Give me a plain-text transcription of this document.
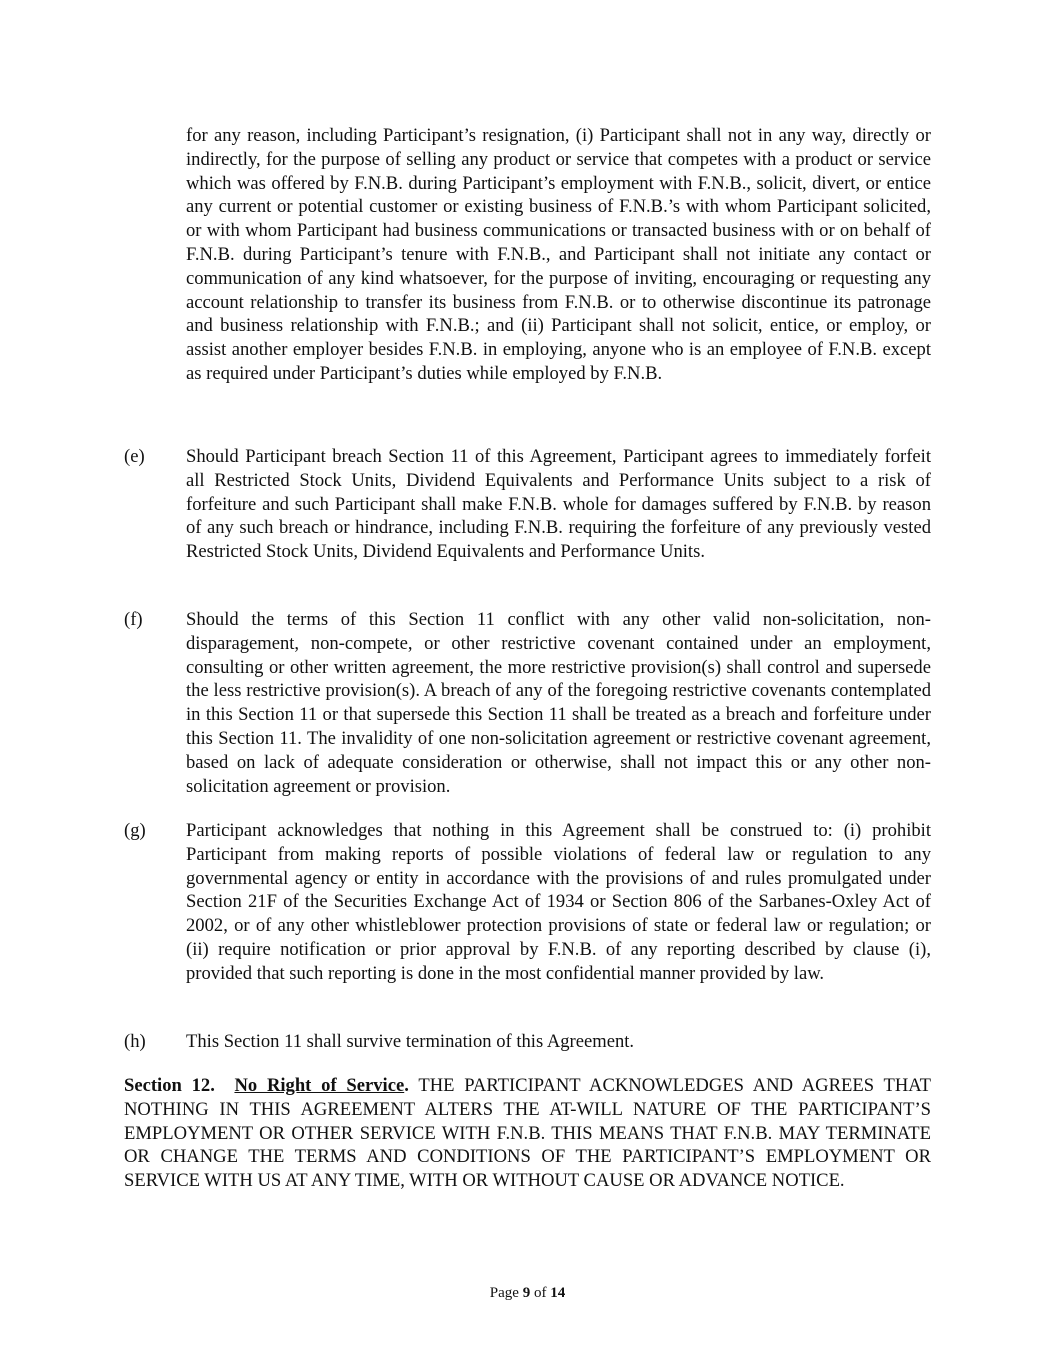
for any reason, including Participant’s resignation, (i) Participant shall not in any way, directly or indirectly, for the purpose of selling any product or service that competes with a product or service which was offered by F.N.B. during Participant’s employment with F.N.B., solicit, divert, or entice any current or potential customer or existing business of F.N.B.’s with whom Participant solicited, or with whom Participant had business communications or transacted business with or on behalf of F.N.B. during Participant’s tenure with F.N.B., and Participant shall not initiate any contact or communication of any kind whatsoever, for the purpose of inviting, encouraging or requesting any account relationship to transfer its business from F.N.B. or to otherwise discontinue its patronage and business relationship with F.N.B.; and (ii) Participant shall not solicit, entice, or employ, or assist another employer besides F.N.B. in employing, anyone who is an employee of F.N.B. except as required under Participant’s duties while employed by F.N.B.
(e) Should Participant breach Section 11 of this Agreement, Participant agrees to immediately forfeit all Restricted Stock Units, Dividend Equivalents and Performance Units subject to a risk of forfeiture and such Participant shall make F.N.B. whole for damages suffered by F.N.B. by reason of any such breach or hindrance, including F.N.B. requiring the forfeiture of any previously vested Restricted Stock Units, Dividend Equivalents and Performance Units.
(f) Should the terms of this Section 11 conflict with any other valid non-solicitation, non-disparagement, non-compete, or other restrictive covenant contained under an employment, consulting or other written agreement, the more restrictive provision(s) shall control and supersede the less restrictive provision(s). A breach of any of the foregoing restrictive covenants contemplated in this Section 11 or that supersede this Section 11 shall be treated as a breach and forfeiture under this Section 11. The invalidity of one non-solicitation agreement or restrictive covenant agreement, based on lack of adequate consideration or otherwise, shall not impact this or any other non-solicitation agreement or provision.
(g) Participant acknowledges that nothing in this Agreement shall be construed to: (i) prohibit Participant from making reports of possible violations of federal law or regulation to any governmental agency or entity in accordance with the provisions of and rules promulgated under Section 21F of the Securities Exchange Act of 1934 or Section 806 of the Sarbanes-Oxley Act of 2002, or of any other whistleblower protection provisions of state or federal law or regulation; or (ii) require notification or prior approval by F.N.B. of any reporting described by clause (i), provided that such reporting is done in the most confidential manner provided by law.
(h) This Section 11 shall survive termination of this Agreement.
Section 12. No Right of Service. THE PARTICIPANT ACKNOWLEDGES AND AGREES THAT NOTHING IN THIS AGREEMENT ALTERS THE AT-WILL NATURE OF THE PARTICIPANT’S EMPLOYMENT OR OTHER SERVICE WITH F.N.B. THIS MEANS THAT F.N.B. MAY TERMINATE OR CHANGE THE TERMS AND CONDITIONS OF THE PARTICIPANT’S EMPLOYMENT OR SERVICE WITH US AT ANY TIME, WITH OR WITHOUT CAUSE OR ADVANCE NOTICE.
Page 9 of 14
